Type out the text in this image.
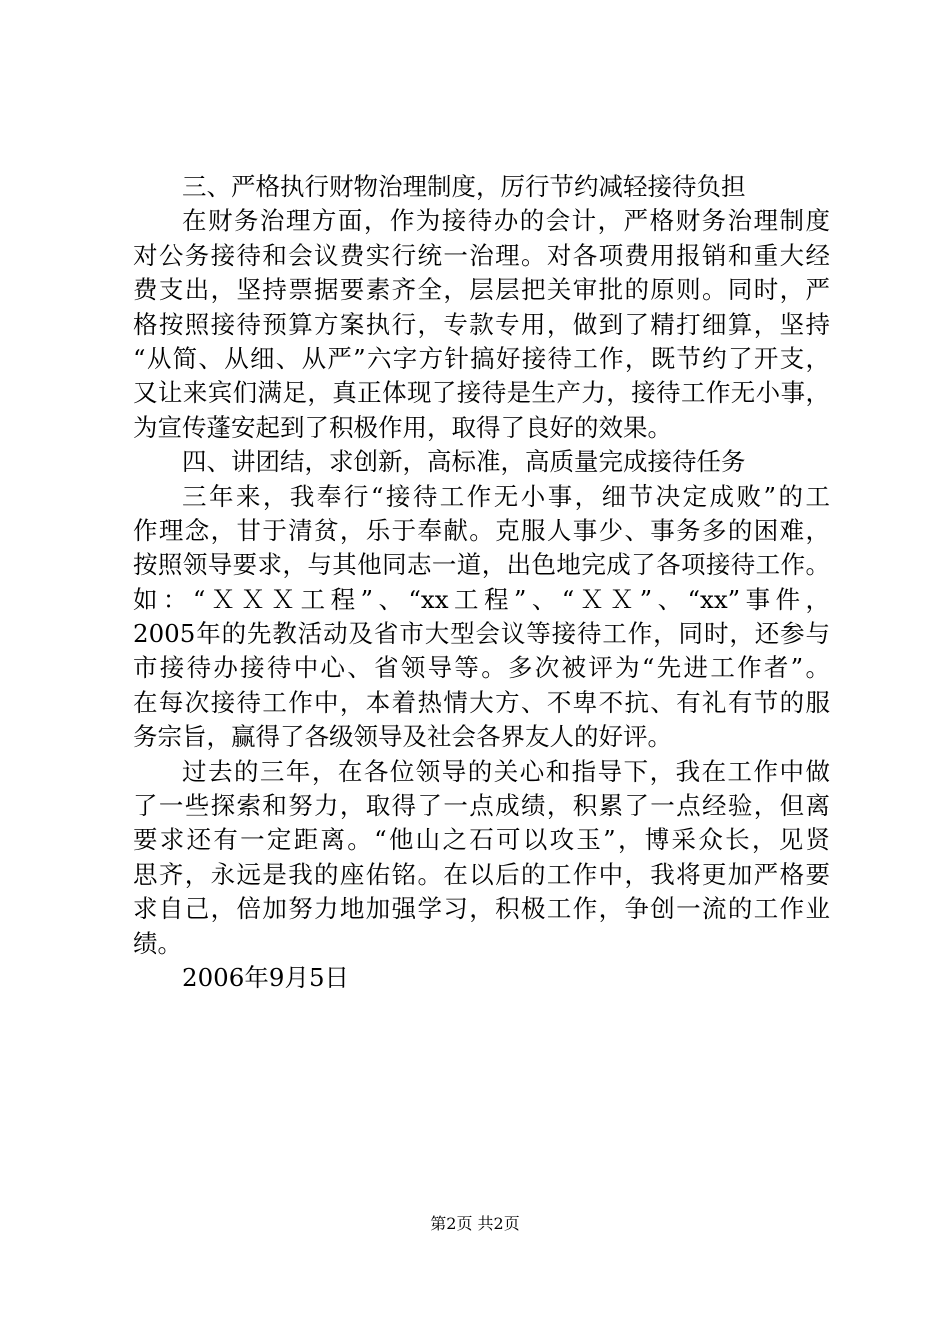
三、严格执行财物治理制度，厉行节约减轻接待负担
在财务治理方面，作为接待办的会计，严格财务治理制度
对公务接待和会议费实行统一治理。对各项费用报销和重大经
费支出，坚持票据要素齐全，层层把关审批的原则。同时，严
格按照接待预算方案执行，专款专用，做到了精打细算，坚持
“从简、从细、从严”六字方针搞好接待工作，既节约了开支，
又让来宾们满足，真正体现了接待是生产力，接待工作无小事，
为宣传蓬安起到了积极作用，取得了良好的效果。
四、讲团结，求创新，高标准，高质量完成接待任务
三年来，我奉行“接待工作无小事，细节决定成败”的工
作理念，甘于清贫，乐于奉献。克服人事少、事务多的困难，
按照领导要求，与其他同志一道，出色地完成了各项接待工作。
如：“ＸＸＸ工程”、“xx工程”、“ＸＸ”、“xx”事件，
2005年的先教活动及省市大型会议等接待工作，同时，还参与
市接待办接待中心、省领导等。多次被评为“先进工作者”。
在每次接待工作中，本着热情大方、不卑不抗、有礼有节的服
务宗旨，赢得了各级领导及社会各界友人的好评。
过去的三年，在各位领导的关心和指导下，我在工作中做
了一些探索和努力，取得了一点成绩，积累了一点经验，但离
要求还有一定距离。“他山之石可以攻玉”，博采众长，见贤
思齐，永远是我的座佑铭。在以后的工作中，我将更加严格要
求自己，倍加努力地加强学习，积极工作，争创一流的工作业
绩。
2006年9月5日
第2页 共2页
